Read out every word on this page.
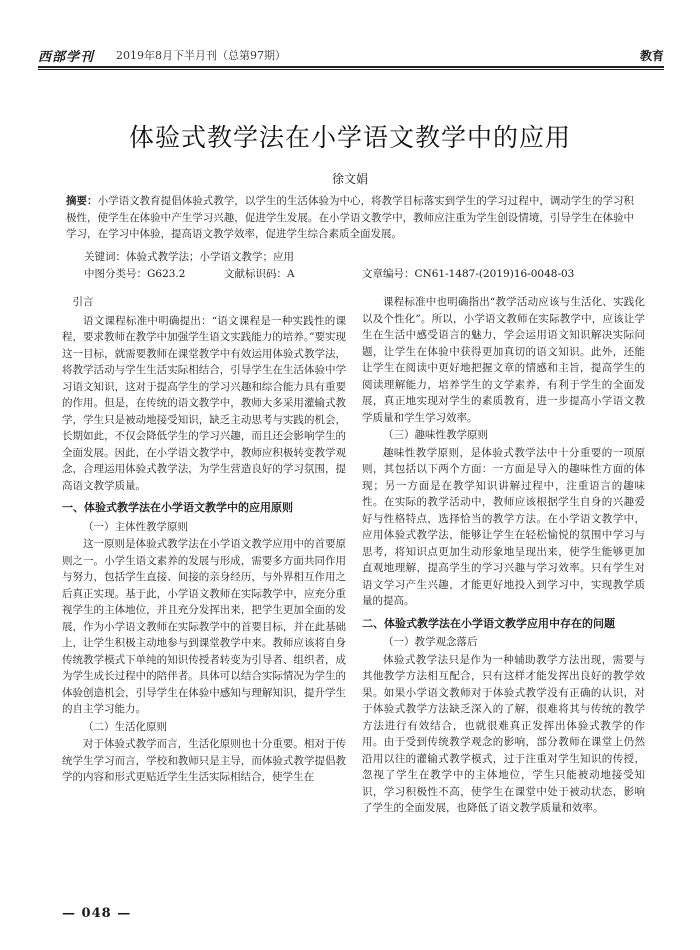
西部学刊 2019年8月下半月刊（总第97期）	教育
体验式教学法在小学语文教学中的应用
徐文娟
摘要：小学语文教育提倡体验式教学，以学生的生活体验为中心，将教学目标落实到学生的学习过程中，调动学生的学习积极性，使学生在体验中产生学习兴趣，促进学生发展。在小学语文教学中，教师应注重为学生创设情境，引导学生在体验中学习，在学习中体验，提高语文教学效率，促进学生综合素质全面发展。
关键词：体验式教学法；小学语文教学；应用
中图分类号：G623.2	文献标识码：A	文章编号：CN61-1487-(2019)16-0048-03

引言

语文课程标准中明确提出：“语文课程是一种实践性的课程，要求教师在教学中加强学生语文实践能力的培养。”要实现这一目标，就需要教师在课堂教学中有效运用体验式教学法，将教学活动与学生生活实际相结合，引导学生在生活体验中学习语文知识，这对于提高学生的学习兴趣和综合能力具有重要的作用。但是，在传统的语文教学中，教师大多采用灌输式教学，学生只是被动地接受知识，缺乏主动思考与实践的机会，长期如此，不仅会降低学生的学习兴趣，而且还会影响学生的全面发展。因此，在小学语文教学中，教师应积极转变教学观念，合理运用体验式教学法，为学生营造良好的学习氛围，提高语文教学质量。

一、体验式教学法在小学语文教学中的应用原则

（一）主体性教学原则

这一原则是体验式教学法在小学语文教学应用中的首要原则之一。小学生语文素养的发展与形成，需要多方面共同作用与努力，包括学生直接、间接的亲身经历，与外界相互作用之后真正实现。基于此，小学语文教师在实际教学中，应充分重视学生的主体地位，并且充分发挥出来，把学生更加全面的发展，作为小学语文教师在实际教学中的首要目标，并在此基础上，让学生积极主动地参与到课堂教学中来。教师应该将自身传统教学模式下单纯的知识传授者转变为引导者、组织者，成为学生成长过程中的陪伴者。具体可以结合实际情况为学生的体验创造机会，引导学生在体验中感知与理解知识，提升学生的自主学习能力。

（二）生活化原则

对于体验式教学而言，生活化原则也十分重要。相对于传统学生学习而言，学校和教师只是主导，而体验式教学提倡教学的内容和形式更贴近学生生活实际相结合，使学生在

课程标准中也明确指出“教学活动应该与生活化、实践化以及个性化”。所以，小学语文教师在实际教学中，应该让学生在生活中感受语言的魅力，学会运用语文知识解决实际问题，让学生在体验中获得更加真切的语文知识。此外，还能让学生在阅读中更好地把握文章的情感和主旨，提高学生的阅读理解能力，培养学生的文学素养，有利于学生的全面发展，真正地实现对学生的素质教育，进一步提高小学语文教学质量和学生学习效率。

（三）趣味性教学原则

趣味性教学原则，是体验式教学法中十分重要的一项原则，其包括以下两个方面：一方面是导入的趣味性方面的体现；另一方面是在教学知识讲解过程中，注重语言的趣味性。在实际的教学活动中，教师应该根据学生自身的兴趣爱好与性格特点，选择恰当的教学方法。在小学语文教学中，应用体验式教学法，能够让学生在轻松愉悦的氛围中学习与思考，将知识点更加生动形象地呈现出来，使学生能够更加直观地理解，提高学生的学习兴趣与学习效率。只有学生对语文学习产生兴趣，才能更好地投入到学习中，实现教学质量的提高。

二、体验式教学法在小学语文教学应用中存在的问题

（一）教学观念落后

体验式教学法只是作为一种辅助教学方法出现，需要与其他教学方法相互配合，只有这样才能发挥出良好的教学效果。如果小学语文教师对于体验式教学没有正确的认识，对于体验式教学方法缺乏深入的了解，很难将其与传统的教学方法进行有效结合，也就很难真正发挥出体验式教学的作用。由于受到传统教学观念的影响，部分教师在课堂上仍然沿用以往的灌输式教学模式，过于注重对学生知识的传授，忽视了学生在教学中的主体地位，学生只能被动地接受知识，学习积极性不高，使学生在课堂中处于被动状态，影响了学生的全面发展，也降低了语文教学质量和效率。

— 048 —
